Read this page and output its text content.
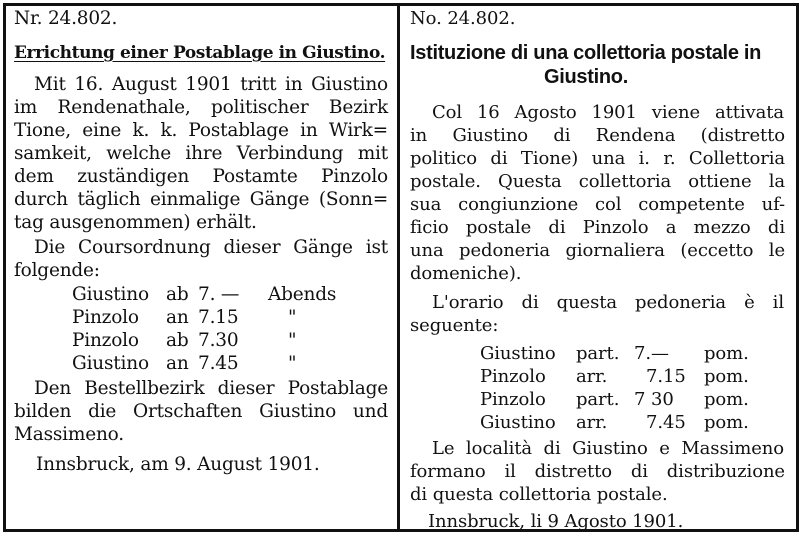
Nr. 24.802.
Errichtung einer Postablage in Giustino.
Mit 16. August 1901 tritt in Giustino
im Rendenathale, politischer Bezirk
Tione, eine k. k. Postablage in Wirk=
samkeit, welche ihre Verbindung mit
dem zuständigen Postamte Pinzolo
durch täglich einmalige Gänge (Sonn=
tag ausgenommen) erhält.
Die Coursordnung dieser Gänge ist
folgende:
Giustino ab 7. — Abends
Pinzolo an 7.15	"
Pinzolo ab 7.30	"
Giustino an 7.45	"
Den Bestellbezirk dieser Postablage
bilden die Ortschaften Giustino und
Massimeno.
Innsbruck, am 9. August 1901.
No. 24.802.
Istituzione di una collettoria postale in
Giustino.
Col 16 Agosto 1901 viene attivata
in Giustino di Rendena (distretto
politico di Tione) una i. r. Collettoria
postale. Questa collettoria ottiene la
sua congiunzione col competente uf-
ficio postale di Pinzolo a mezzo di
una pedoneria giornaliera (eccetto le
domeniche).
L'orario di questa pedoneria è il
seguente:
Giustino part. 7.— pom.
Pinzolo arr. 7.15 pom.
Pinzolo part. 7 30 pom.
Giustino arr. 7.45 pom.
Le località di Giustino e Massimeno
formano il distretto di distribuzione
di questa collettoria postale.
Innsbruck, li 9 Agosto 1901.
